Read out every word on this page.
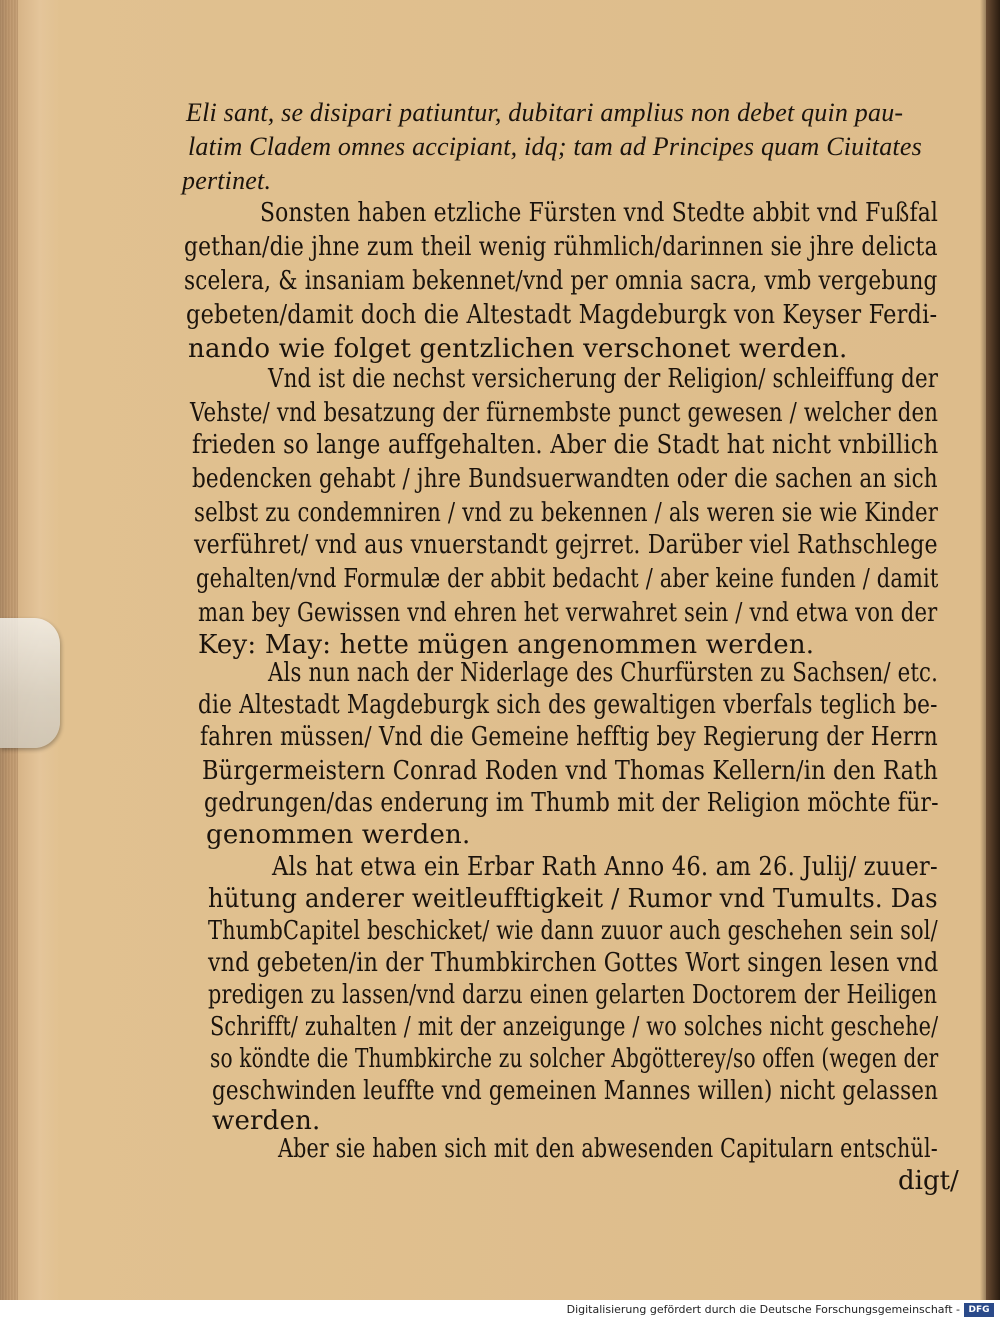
Eli sant, se disipari patiuntur, dubitari amplius non debet quin pau-
latim Cladem omnes accipiant, idq; tam ad Principes quam Ciuitates
pertinet.
Sonsten haben etzliche Fürsten vnd Stedte abbit vnd Fußfal
gethan/die jhne zum theil wenig rühmlich/darinnen sie jhre delicta
scelera, & insaniam bekennet/vnd per omnia sacra, vmb vergebung
gebeten/damit doch die Altestadt Magdeburgk von Keyser Ferdi-
nando wie folget gentzlichen verschonet werden.
Vnd ist die nechst versicherung der Religion/ schleiffung der
Vehste/ vnd besatzung der fürnembste punct gewesen / welcher den
frieden so lange auffgehalten. Aber die Stadt hat nicht vnbillich
bedencken gehabt / jhre Bundsuerwandten oder die sachen an sich
selbst zu condemniren / vnd zu bekennen / als weren sie wie Kinder
verführet/ vnd aus vnuerstandt gejrret. Darüber viel Rathschlege
gehalten/vnd Formulæ der abbit bedacht / aber keine funden / damit
man bey Gewissen vnd ehren het verwahret sein / vnd etwa von der
Key: May: hette mügen angenommen werden.
Als nun nach der Niderlage des Churfürsten zu Sachsen/ etc.
die Altestadt Magdeburgk sich des gewaltigen vberfals teglich be-
fahren müssen/ Vnd die Gemeine hefftig bey Regierung der Herrn
Bürgermeistern Conrad Roden vnd Thomas Kellern/in den Rath
gedrungen/das enderung im Thumb mit der Religion möchte für-
genommen werden.
Als hat etwa ein Erbar Rath Anno 46. am 26. Julij/ zuuer-
hütung anderer weitleufftigkeit / Rumor vnd Tumults. Das
ThumbCapitel beschicket/ wie dann zuuor auch geschehen sein sol/
vnd gebeten/in der Thumbkirchen Gottes Wort singen lesen vnd
predigen zu lassen/vnd darzu einen gelarten Doctorem der Heiligen
Schrifft/ zuhalten / mit der anzeigunge / wo solches nicht geschehe/
so köndte die Thumbkirche zu solcher Abgötterey/so offen (wegen der
geschwinden leuffte vnd gemeinen Mannes willen) nicht gelassen
werden.
Aber sie haben sich mit den abwesenden Capitularn entschül-
digt/
Digitalisierung gefördert durch die Deutsche Forschungsgemeinschaft - DFG
